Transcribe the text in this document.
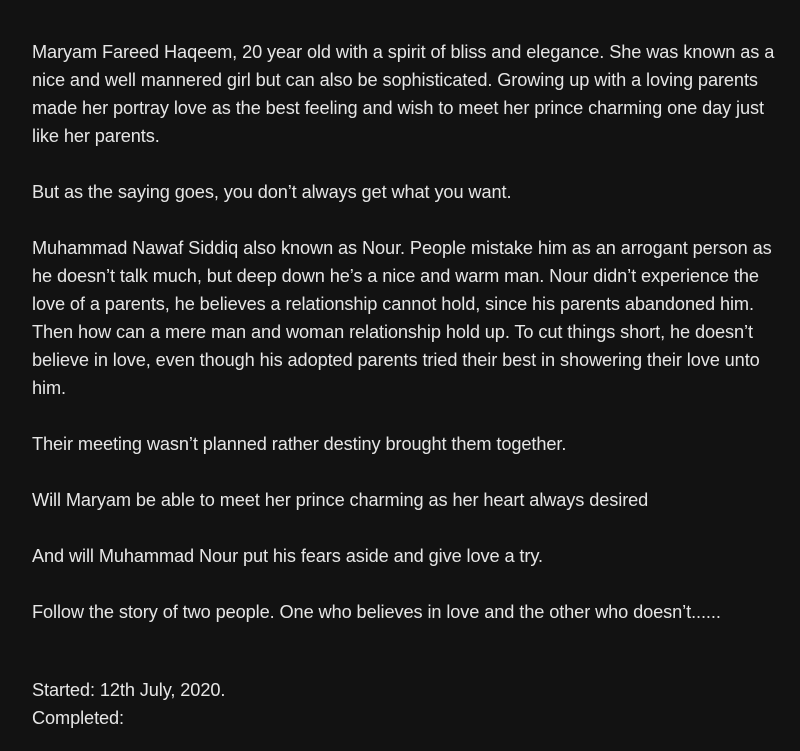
Maryam Fareed Haqeem, 20 year old with a spirit of bliss and elegance. She was known as a nice and well mannered girl but can also be sophisticated. Growing up with a loving parents made her portray love as the best feeling and wish to meet her prince charming one day just like her parents.

But as the saying goes, you don’t always get what you want.

Muhammad Nawaf Siddiq also known as Nour. People mistake him as an arrogant person as he doesn’t talk much, but deep down he’s a nice and warm man. Nour didn’t experience the love of a parents, he believes a relationship cannot hold, since his parents abandoned him. Then how can a mere man and woman relationship hold up. To cut things short, he doesn’t believe in love, even though his adopted parents tried their best in showering their love unto him.

Their meeting wasn’t planned rather destiny brought them together.

Will Maryam be able to meet her prince charming as her heart always desired

And will Muhammad Nour put his fears aside and give love a try.

Follow the story of two people. One who believes in love and the other who doesn’t......

Started: 12th July, 2020.
Completed:
